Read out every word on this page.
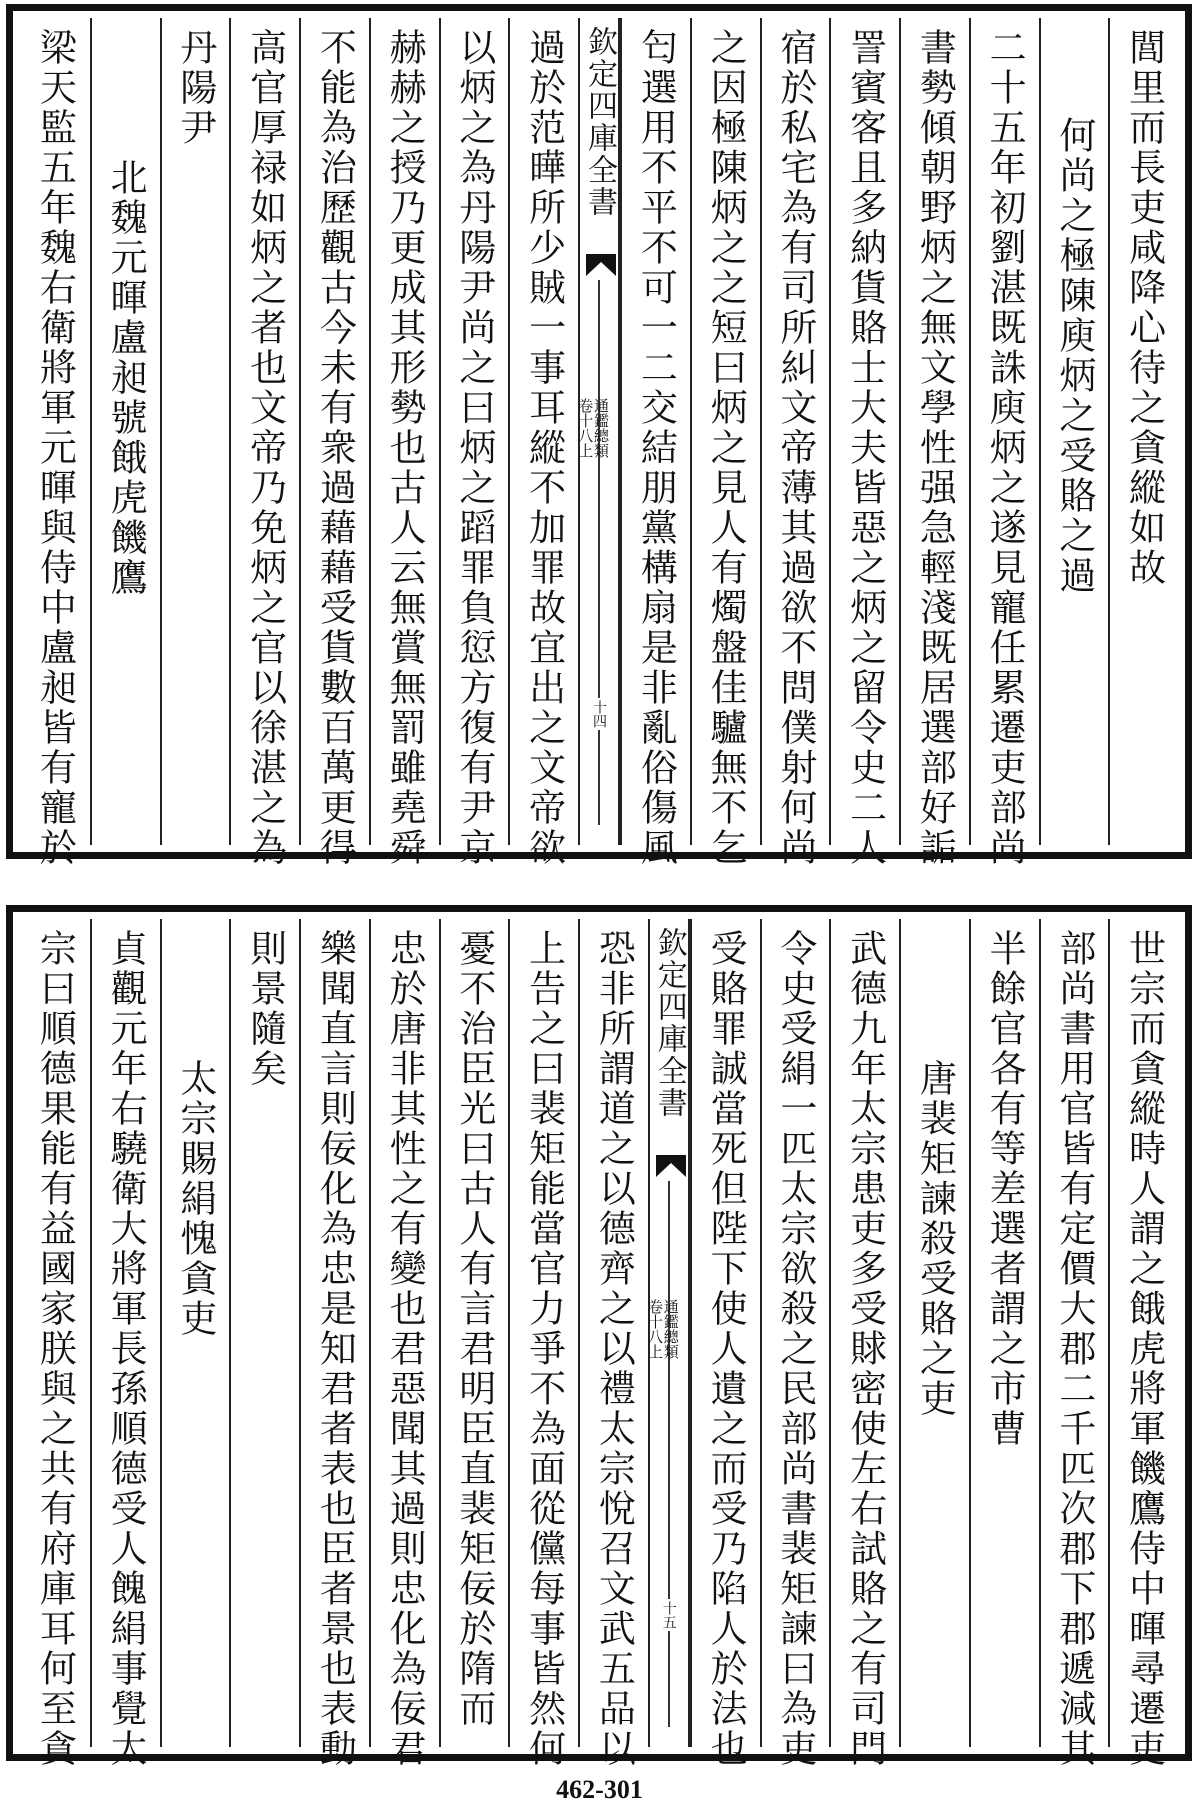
閭里而長吏咸降心待之貪縱如故
何尚之極陳庾炳之受賂之過
二十五年初劉湛既誅庾炳之遂見寵任累遷吏部尚
書勢傾朝野炳之無文學性强急輕淺既居選部好詬
詈賓客且多納貨賂士大夫皆惡之炳之留令史二人
宿於私宅為有司所糾文帝薄其過欲不問僕射何尚
之因極陳炳之之短曰炳之見人有燭盤佳驢無不乞
匄選用不平不可一二交結朋黨構扇是非亂俗傷風
欽定四庫全書
通鑑總類
卷十八上
十四
過於范曄所少賊一事耳縱不加罪故宜出之文帝欲
以炳之為丹陽尹尚之曰炳之蹈罪負愆方復有尹京
赫赫之授乃更成其形勢也古人云無賞無罰雖堯舜
不能為治歷觀古今未有衆過藉藉受貨數百萬更得
高官厚禄如炳之者也文帝乃免炳之官以徐湛之為
丹陽尹
北魏元暉盧昶號餓虎饑鷹
梁天監五年魏右衛將軍元暉與侍中盧昶皆有寵於
世宗而貪縱時人謂之餓虎將軍饑鷹侍中暉尋遷吏
部尚書用官皆有定價大郡二千匹次郡下郡遞減其
半餘官各有等差選者謂之市曹
唐裴矩諫殺受賂之吏
武德九年太宗患吏多受賕密使左右試賂之有司門
令史受絹一匹太宗欲殺之民部尚書裴矩諫曰為吏
受賂罪誠當死但陛下使人遺之而受乃陷人於法也
欽定四庫全書
通鑑總類
卷十八上
十五
恐非所謂道之以德齊之以禮太宗悅召文武五品以
上告之曰裴矩能當官力爭不為面從儻每事皆然何
憂不治臣光曰古人有言君明臣直裴矩佞於隋而
忠於唐非其性之有變也君惡聞其過則忠化為佞君
樂聞直言則佞化為忠是知君者表也臣者景也表動
則景隨矣
太宗賜絹愧貪吏
貞觀元年右驍衛大將軍長孫順德受人餽絹事覺太
宗曰順德果能有益國家朕與之共有府庫耳何至貪
462-301
